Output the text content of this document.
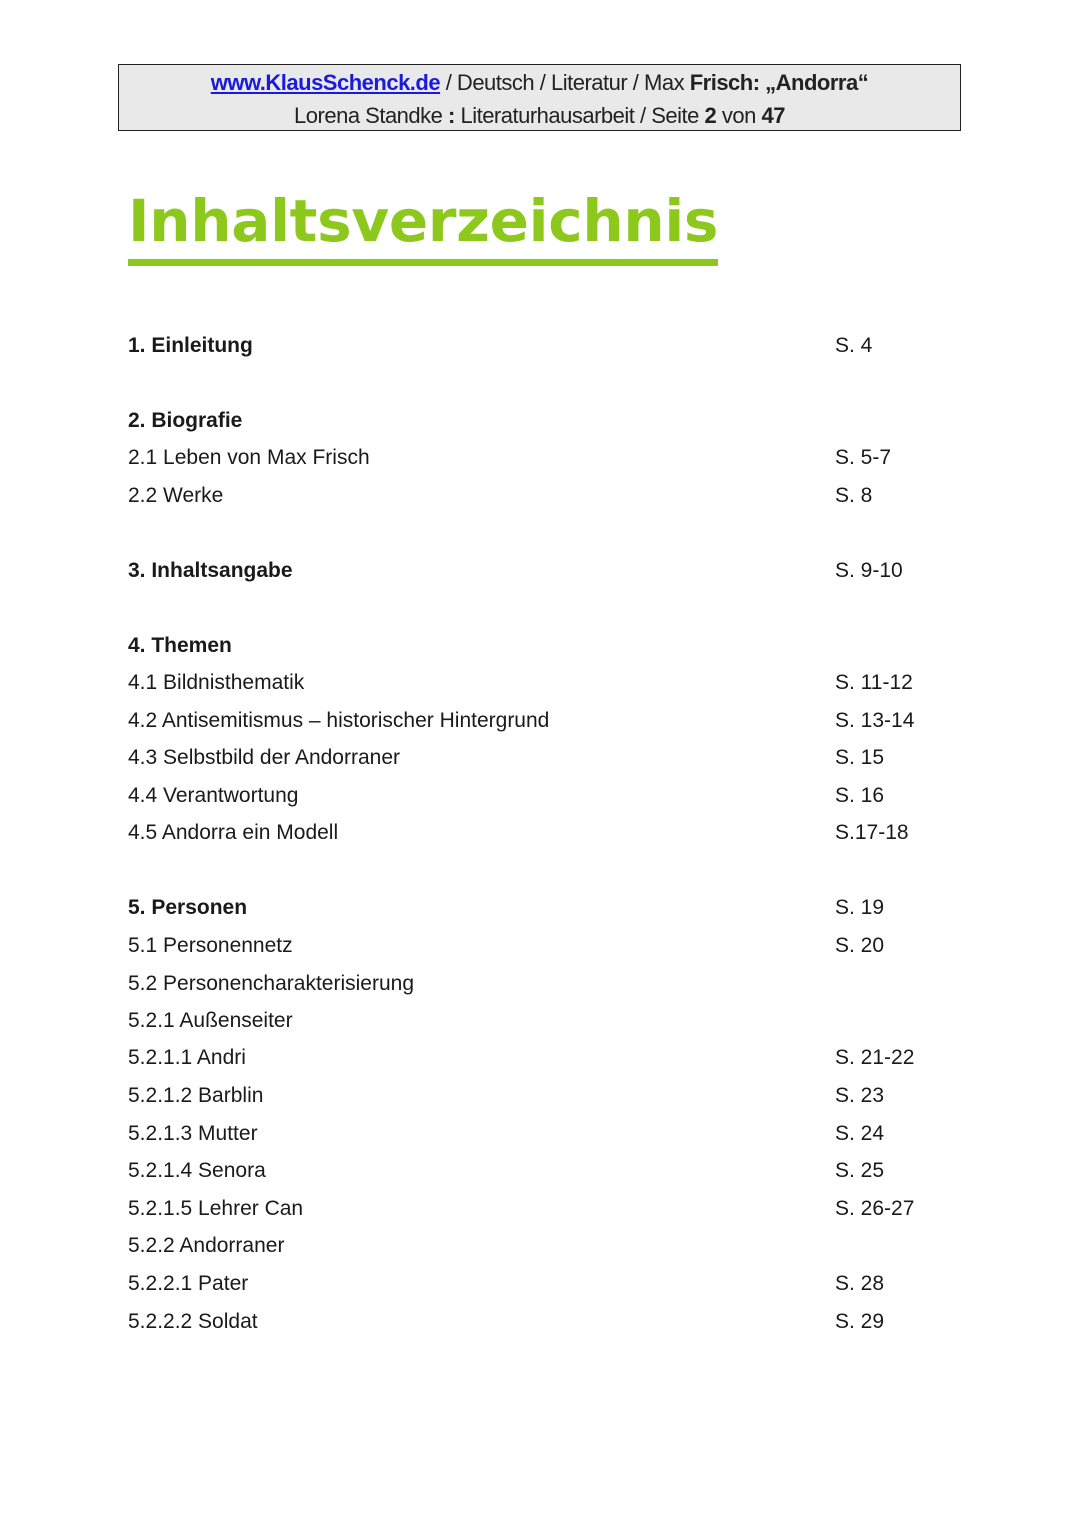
www.KlausSchenck.de / Deutsch / Literatur / Max Frisch: „Andorra“
Lorena Standke : Literaturhausarbeit / Seite 2 von 47
Inhaltsverzeichnis
1. Einleitung	S. 4
2. Biografie
2.1 Leben von Max Frisch	S. 5-7
2.2 Werke	S. 8
3. Inhaltsangabe	S. 9-10
4. Themen
4.1 Bildnisthematik	S. 11-12
4.2 Antisemitismus – historischer Hintergrund	S. 13-14
4.3 Selbstbild der Andorraner	S. 15
4.4 Verantwortung	S. 16
4.5 Andorra ein Modell	S.17-18
5. Personen	S. 19
5.1 Personennetz	S. 20
5.2 Personencharakterisierung
5.2.1 Außenseiter
5.2.1.1 Andri	S. 21-22
5.2.1.2 Barblin	S. 23
5.2.1.3 Mutter	S. 24
5.2.1.4 Senora	S. 25
5.2.1.5 Lehrer Can	S. 26-27
5.2.2 Andorraner
5.2.2.1 Pater	S. 28
5.2.2.2 Soldat	S. 29
